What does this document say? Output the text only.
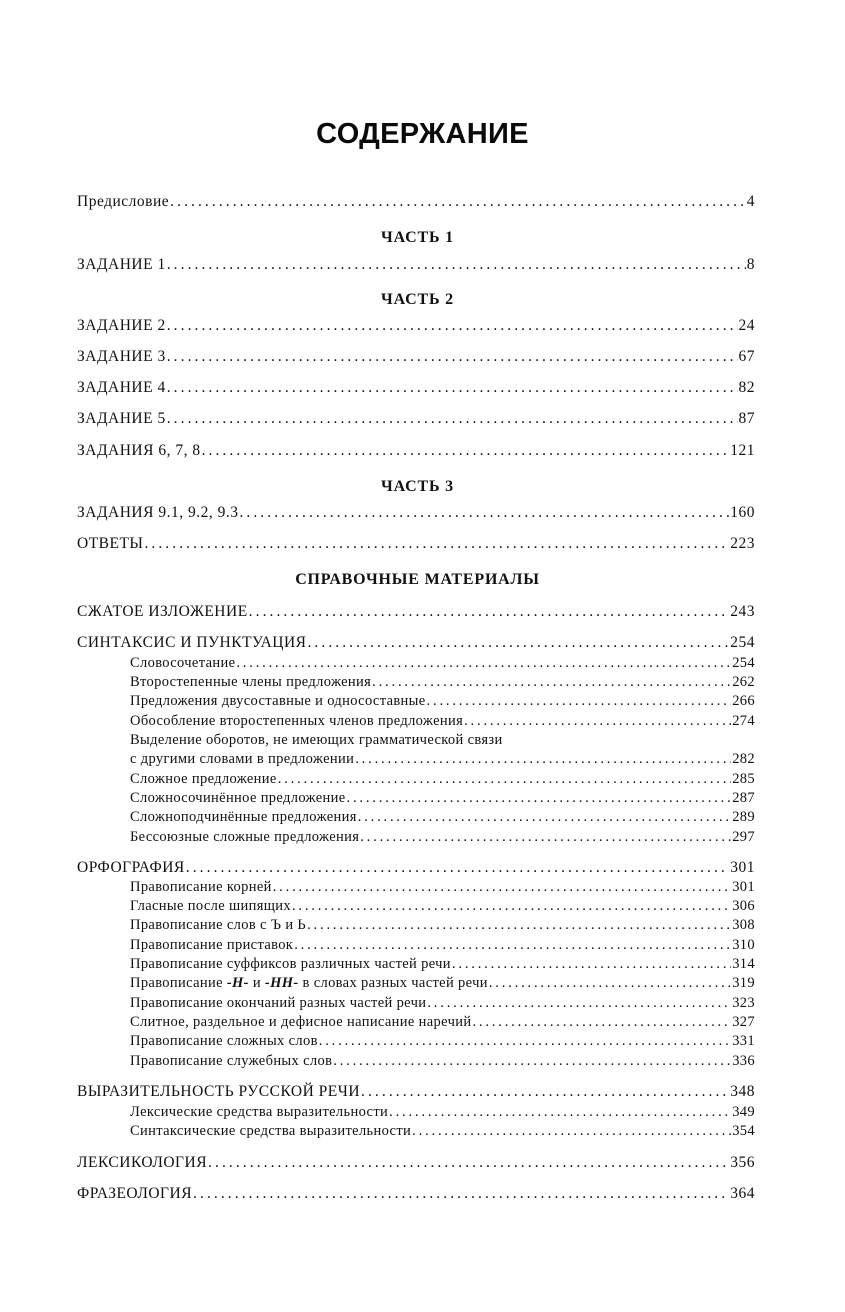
СОДЕРЖАНИЕ
Предисловие . . .	4
ЧАСТЬ 1
ЗАДАНИЕ 1 . . .	8
ЧАСТЬ 2
ЗАДАНИЕ 2 . . .	24
ЗАДАНИЕ 3 . . .	67
ЗАДАНИЕ 4 . . .	82
ЗАДАНИЕ 5 . . .	87
ЗАДАНИЯ 6, 7, 8 . . .	121
ЧАСТЬ 3
ЗАДАНИЯ 9.1, 9.2, 9.3 . . .	160
ОТВЕТЫ . . .	223
СПРАВОЧНЫЕ МАТЕРИАЛЫ
СЖАТОЕ ИЗЛОЖЕНИЕ . . .	243
СИНТАКСИС И ПУНКТУАЦИЯ . . .	254
Словосочетание . . .	254
Второстепенные члены предложения . . .	262
Предложения двусоставные и односоставные . . .	266
Обособление второстепенных членов предложения . . .	274
Выделение оборотов, не имеющих грамматической связи
с другими словами в предложении . . .	282
Сложное предложение . . .	285
Сложносочинённое предложение . . .	287
Сложноподчинённые предложения . . .	289
Бессоюзные сложные предложения . . .	297
ОРФОГРАФИЯ . . .	301
Правописание корней . . .	301
Гласные после шипящих . . .	306
Правописание слов с Ъ и Ь . . .	308
Правописание приставок . . .	310
Правописание суффиксов различных частей речи . . .	314
Правописание -Н- и -НН- в словах разных частей речи . . .	319
Правописание окончаний разных частей речи . . .	323
Слитное, раздельное и дефисное написание наречий . . .	327
Правописание сложных слов . . .	331
Правописание служебных слов . . .	336
ВЫРАЗИТЕЛЬНОСТЬ РУССКОЙ РЕЧИ . . .	348
Лексические средства выразительности . . .	349
Синтаксические средства выразительности . . .	354
ЛЕКСИКОЛОГИЯ . . .	356
ФРАЗЕОЛОГИЯ . . .	364
